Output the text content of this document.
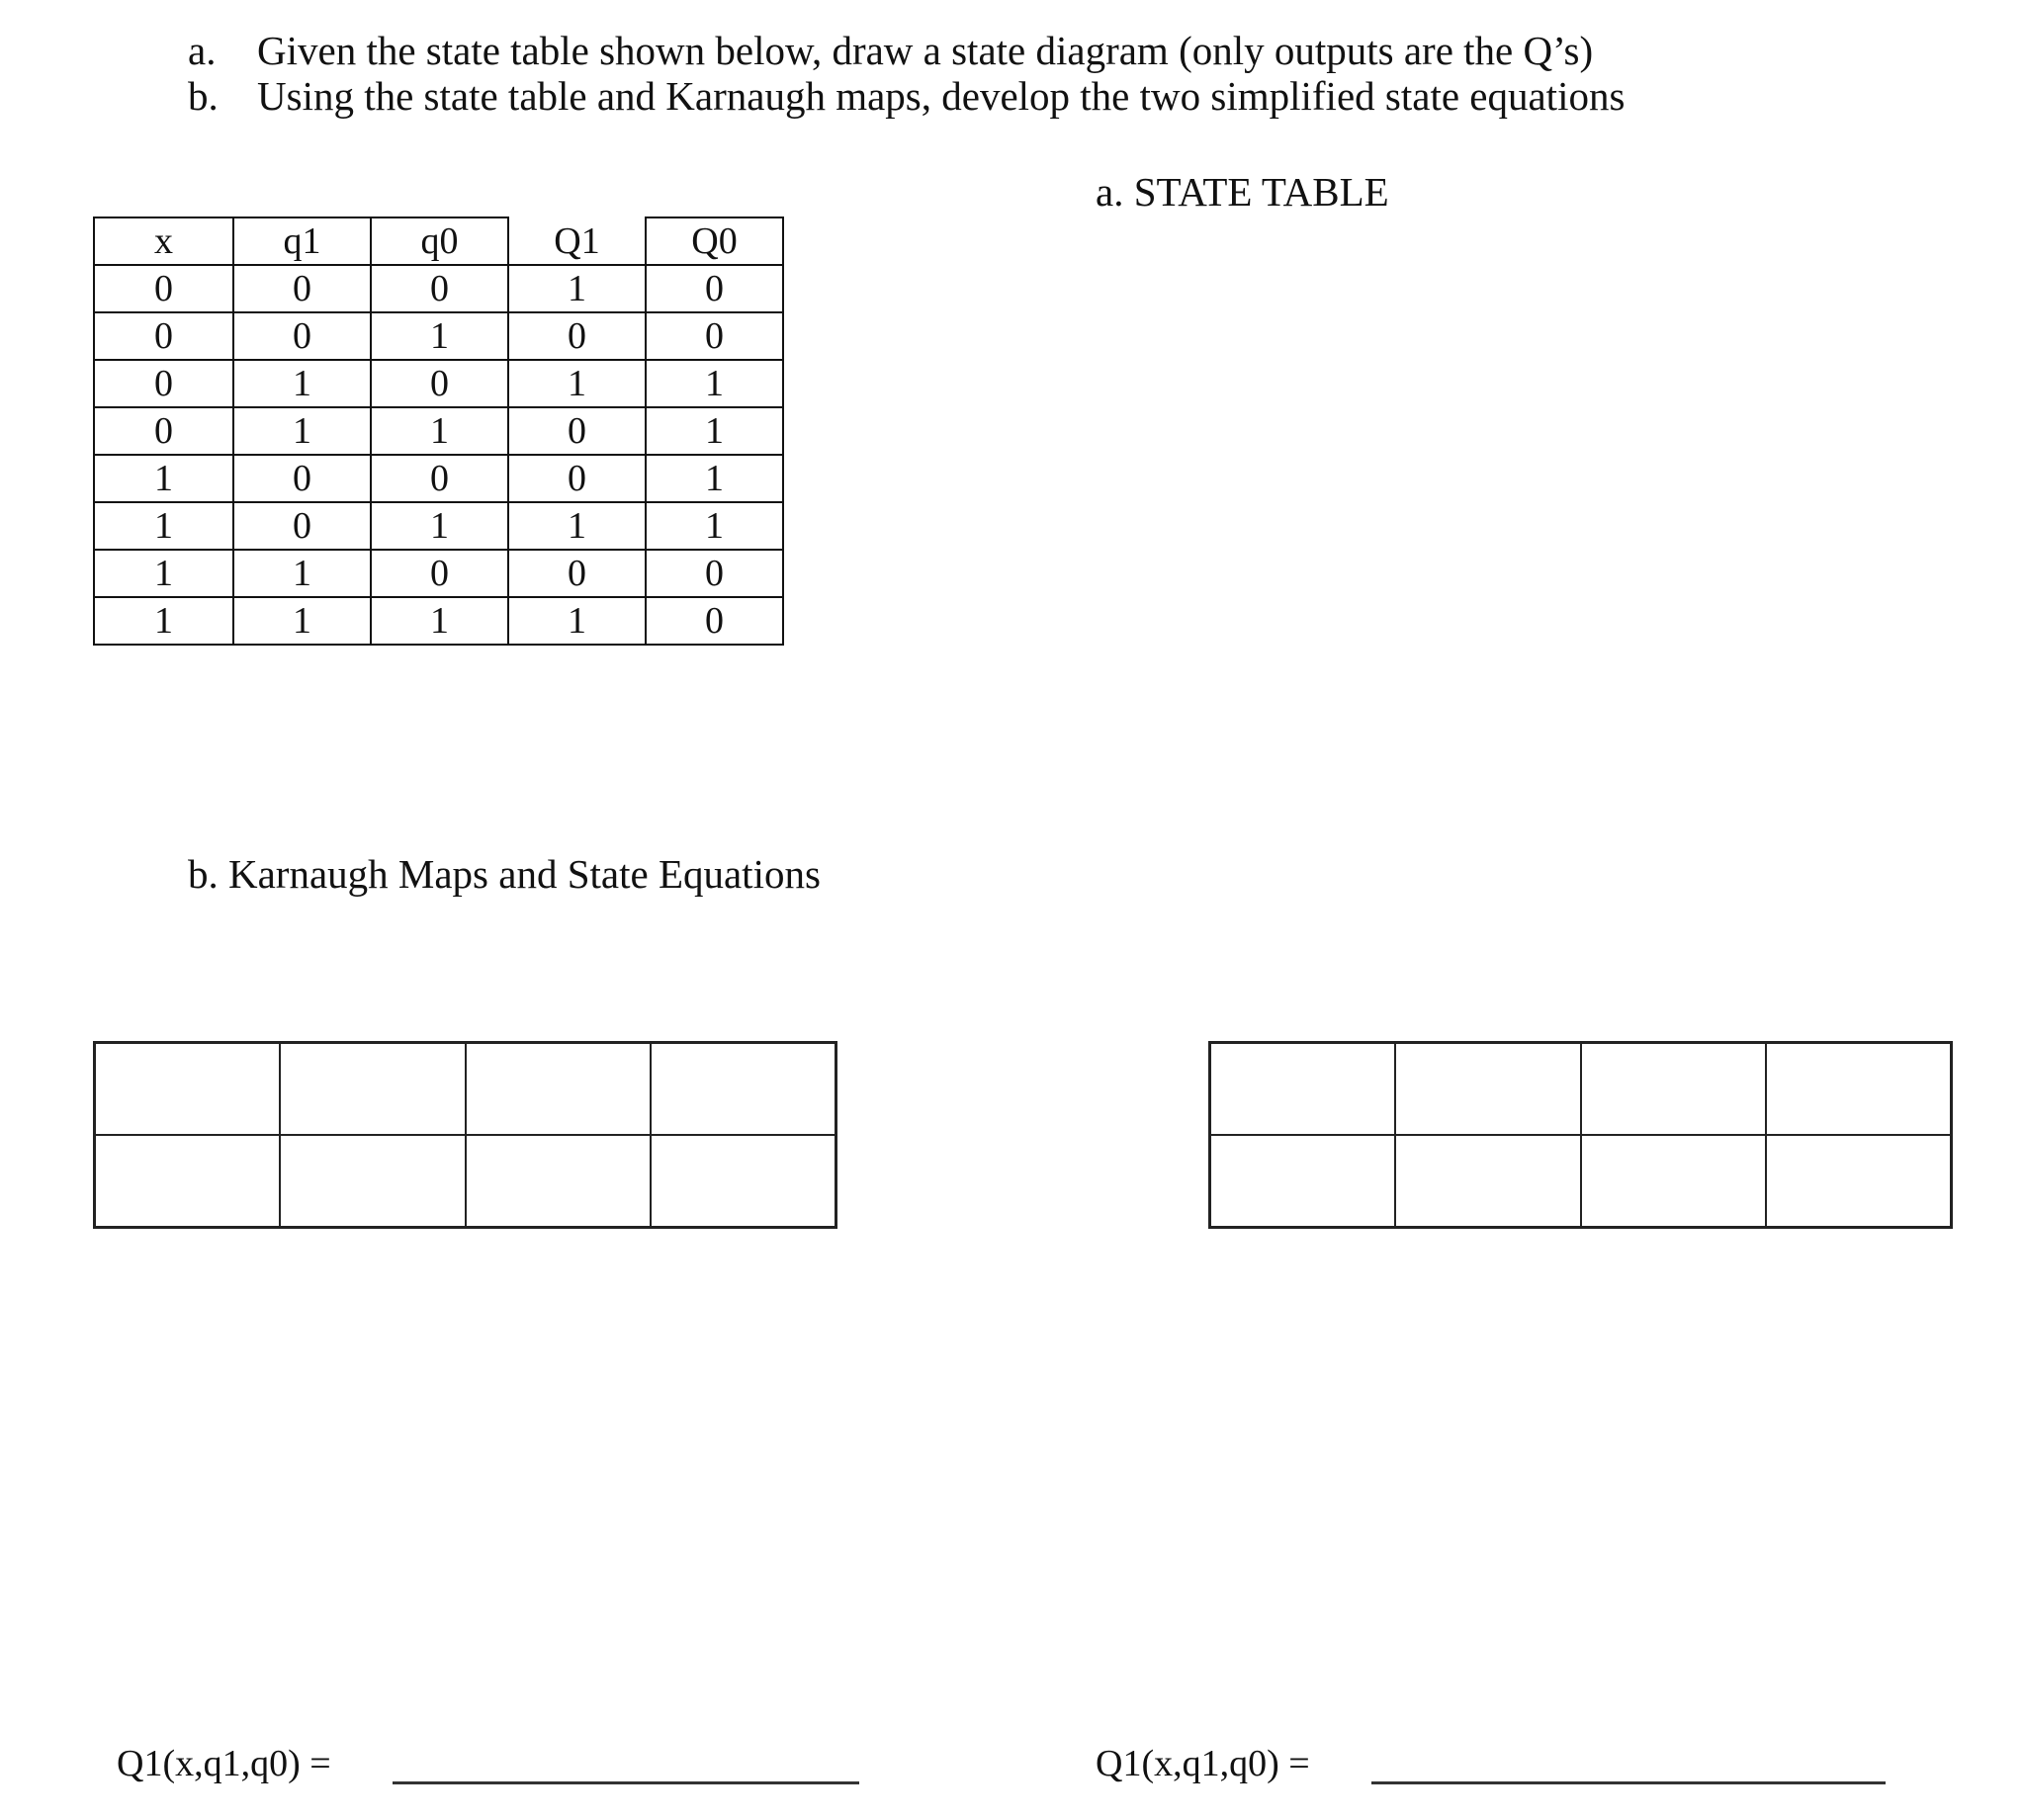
a. Given the state table shown below, draw a state diagram (only outputs are the Q’s)
b. Using the state table and Karnaugh maps, develop the two simplified state equations
a. STATE TABLE
x	q1	q0	Q1	Q0
0	0	0	1	0
0	0	1	0	0
0	1	0	1	1
0	1	1	0	1
1	0	0	0	1
1	0	1	1	1
1	1	0	0	0
1	1	1	1	0
b. Karnaugh Maps and State Equations
Q1(x,q1,q0) =	Q1(x,q1,q0) =
